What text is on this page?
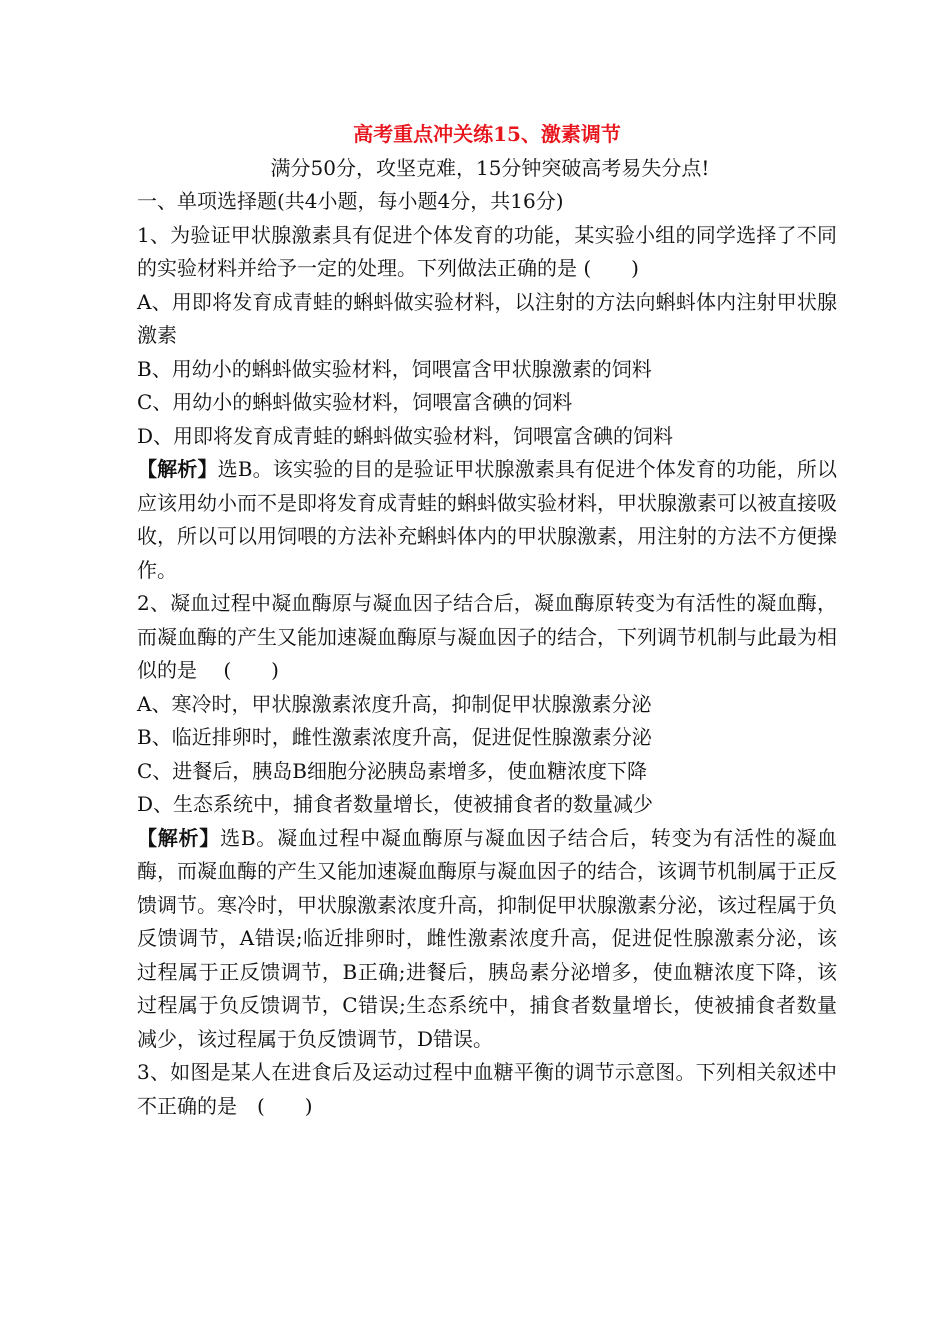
高考重点冲关练15、激素调节

满分50分，攻坚克难，15分钟突破高考易失分点!

一、单项选择题(共4小题，每小题4分，共16分)

1、为验证甲状腺激素具有促进个体发育的功能，某实验小组的同学选择了不同的实验材料并给予一定的处理。下列做法正确的是 (　　)

A、用即将发育成青蛙的蝌蚪做实验材料，以注射的方法向蝌蚪体内注射甲状腺激素

B、用幼小的蝌蚪做实验材料，饲喂富含甲状腺激素的饲料

C、用幼小的蝌蚪做实验材料，饲喂富含碘的饲料

D、用即将发育成青蛙的蝌蚪做实验材料，饲喂富含碘的饲料

【解析】选B。该实验的目的是验证甲状腺激素具有促进个体发育的功能，所以应该用幼小而不是即将发育成青蛙的蝌蚪做实验材料，甲状腺激素可以被直接吸收，所以可以用饲喂的方法补充蝌蚪体内的甲状腺激素，用注射的方法不方便操作。

2、凝血过程中凝血酶原与凝血因子结合后，凝血酶原转变为有活性的凝血酶，而凝血酶的产生又能加速凝血酶原与凝血因子的结合，下列调节机制与此最为相似的是　 (　　)

A、寒冷时，甲状腺激素浓度升高，抑制促甲状腺激素分泌

B、临近排卵时，雌性激素浓度升高，促进促性腺激素分泌

C、进餐后，胰岛B细胞分泌胰岛素增多，使血糖浓度下降

D、生态系统中，捕食者数量增长，使被捕食者的数量减少

【解析】选B。凝血过程中凝血酶原与凝血因子结合后，转变为有活性的凝血酶，而凝血酶的产生又能加速凝血酶原与凝血因子的结合，该调节机制属于正反馈调节。寒冷时，甲状腺激素浓度升高，抑制促甲状腺激素分泌，该过程属于负反馈调节，A错误;临近排卵时，雌性激素浓度升高，促进促性腺激素分泌，该过程属于正反馈调节，B正确;进餐后，胰岛素分泌增多，使血糖浓度下降，该过程属于负反馈调节，C错误;生态系统中，捕食者数量增长，使被捕食者数量减少，该过程属于负反馈调节，D错误。

3、如图是某人在进食后及运动过程中血糖平衡的调节示意图。下列相关叙述中不正确的是　(　　)
